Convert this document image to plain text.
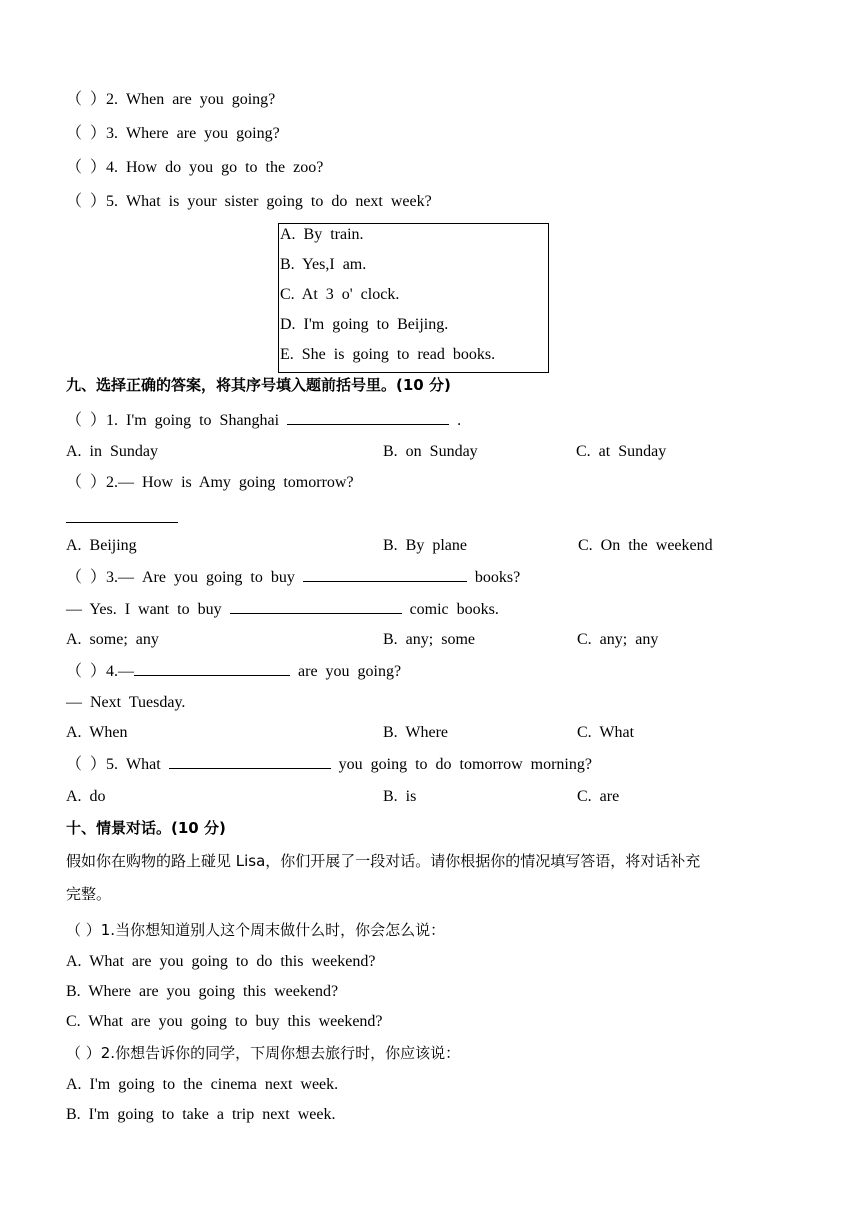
（ ）2. When are you going?
（ ）3. Where are you going?
（ ）4. How do you go to the zoo?
（ ）5. What is your sister going to do next week?
A. By train.
B. Yes,I am.
C. At 3 o' clock.
D. I'm going to Beijing.
E. She is going to read books.
九、选择正确的答案，将其序号填入题前括号里。(10 分)
（ ）1. I'm going to Shanghai	.
A. in Sunday	B. on Sunday	C. at Sunday
（ ）2.— How is Amy going tomorrow?
A. Beijing	B. By plane	C. On the weekend
（ ）3.— Are you going to buy	books?
— Yes. I want to buy	comic books.
A. some; any	B. any; some	C. any; any
（ ）4.—	are you going?
— Next Tuesday.
A. When	B. Where	C. What
（ ）5. What	you going to do tomorrow morning?
A. do	B. is	C. are
十、情景对话。(10 分)
假如你在购物的路上碰见 Lisa，你们开展了一段对话。请你根据你的情况填写答语，将对话补充
完整。
（ ）1.当你想知道别人这个周末做什么时，你会怎么说：
A. What are you going to do this weekend?
B. Where are you going this weekend?
C. What are you going to buy this weekend?
（ ）2.你想告诉你的同学，下周你想去旅行时，你应该说：
A. I'm going to the cinema next week.
B. I'm going to take a trip next week.
